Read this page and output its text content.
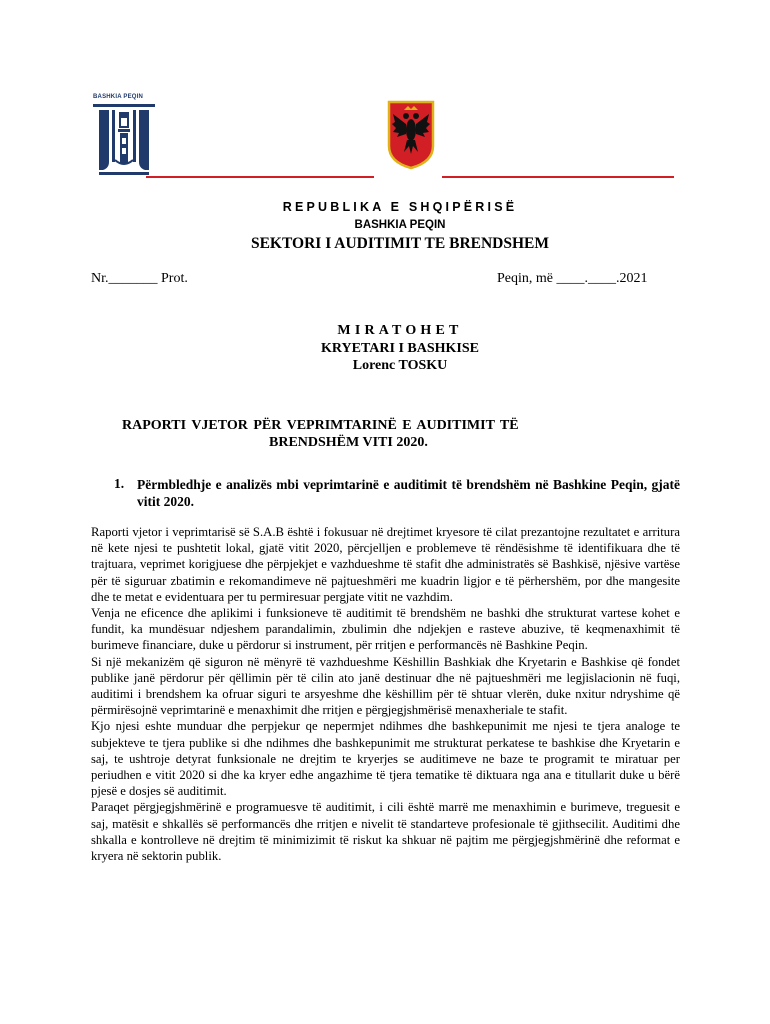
BASHKIA PEQIN
REPUBLIKA E SHQIPËRISË
BASHKIA PEQIN
SEKTORI I AUDITIMIT TE BRENDSHEM
Nr._______ Prot.	Peqin, më ____.____.2021
MIRATOHET
KRYETARI I BASHKISE
Lorenc TOSKU
RAPORTI VJETOR PËR VEPRIMTARINË E AUDITIMIT TË
BRENDSHËM VITI 2020.
1. Përmbledhje e analizës mbi veprimtarinë e auditimit të brendshëm në Bashkine Peqin, gjatë vitit 2020.

Raporti vjetor i veprimtarisë së S.A.B është i fokusuar në drejtimet kryesore të cilat prezantojne rezultatet e arritura në kete njesi te pushtetit lokal, gjatë vitit 2020, përcjelljen e problemeve të rëndësishme të identifikuara dhe të trajtuara, veprimet korigjuese dhe përpjekjet e vazhdueshme të stafit dhe administratës së Bashkisë, njësive vartëse për të siguruar zbatimin e rekomandimeve në pajtueshmëri me kuadrin ligjor e të përhershëm, por dhe mangesite dhe te metat e evidentuara per tu permiresuar pergjate vitit ne vazhdim.

Venja ne eficence dhe aplikimi i funksioneve të auditimit të brendshëm ne bashki dhe strukturat vartese kohet e fundit, ka mundësuar ndjeshem parandalimin, zbulimin dhe ndjekjen e rasteve abuzive, të keqmenaxhimit të burimeve financiare, duke u përdorur si instrument, për rritjen e performancës në Bashkine Peqin.

Si një mekanizëm që siguron në mënyrë të vazhdueshme Këshillin Bashkiak dhe Kryetarin e Bashkise që fondet publike janë përdorur për qëllimin për të cilin ato janë destinuar dhe në pajtueshmëri me legjislacionin në fuqi, auditimi i brendshem ka ofruar siguri te arsyeshme dhe këshillim për të shtuar vlerën, duke nxitur ndryshime që përmirësojnë veprimtarinë e menaxhimit dhe rritjen e përgjegjshmërisë menaxheriale te stafit.

Kjo njesi eshte munduar dhe perpjekur qe nepermjet ndihmes dhe bashkepunimit me njesi te tjera analoge te subjekteve te tjera publike si dhe ndihmes dhe bashkepunimit me strukturat perkatese te bashkise dhe Kryetarin e saj, te ushtroje detyrat funksionale ne drejtim te kryerjes se auditimeve ne baze te programit te miratuar per periudhen e vitit 2020 si dhe ka kryer edhe angazhime të tjera tematike të diktuara nga ana e titullarit duke u bërë pjesë e dosjes së auditimit.

Paraqet përgjegjshmërinë e programuesve të auditimit, i cili është marrë me menaxhimin e burimeve, treguesit e saj, matësit e shkallës së performancës dhe rritjen e nivelit të standarteve profesionale të gjithsecilit. Auditimi dhe shkalla e kontrolleve në drejtim të minimizimit të riskut ka shkuar në pajtim me përgjegjshmërinë dhe reformat e kryera në sektorin publik.
